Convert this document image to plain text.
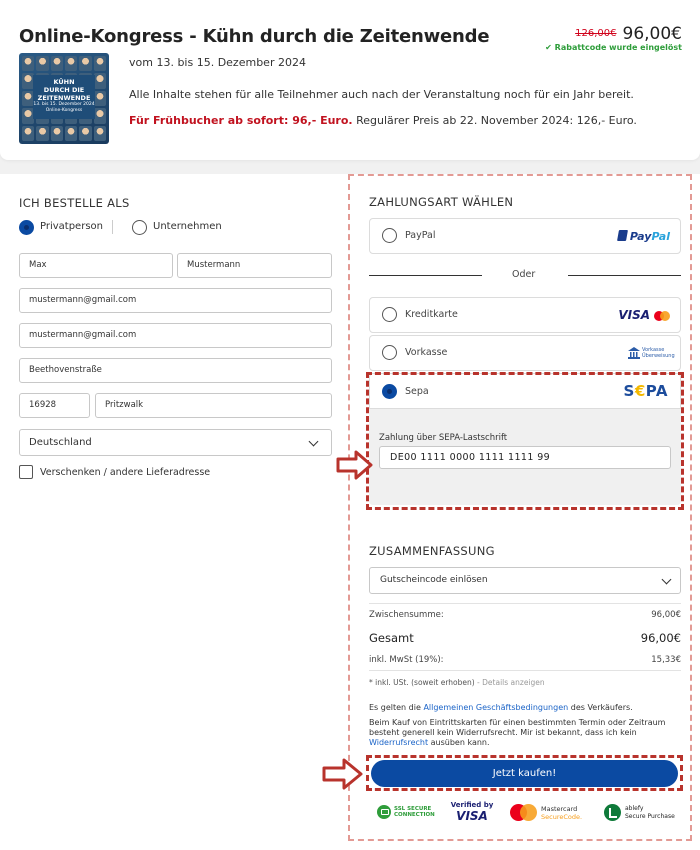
Online-Kongress - Kühn durch die Zeitenwende	126,00€ 96,00€
✔ Rabattcode wurde eingelöst
KÜHN
DURCH DIE
ZEITENWENDE
13. bis 15. Dezember 2024
Online-Kongress
vom 13. bis 15. Dezember 2024
Alle Inhalte stehen für alle Teilnehmer auch nach der Veranstaltung noch für ein Jahr bereit.
Für Frühbucher ab sofort: 96,- Euro. Regulärer Preis ab 22. November 2024: 126,- Euro.
ICH BESTELLE ALS
Privatperson	Unternehmen
Max	Mustermann
mustermann@gmail.com
mustermann@gmail.com
Beethovenstraße
16928	Pritzwalk
Deutschland
Verschenken / andere Lieferadresse
ZAHLUNGSART WÄHLEN
PayPal	PayPal
Oder
Kreditkarte	VISA
Vorkasse	Vorkasse
Überweisung
Sepa	S€PA
Zahlung über SEPA-Lastschrift
DE00 1111 0000 1111 1111 99
ZUSAMMENFASSUNG
Gutscheincode einlösen
Zwischensumme:	96,00€
Gesamt	96,00€
inkl. MwSt (19%):	15,33€
* inkl. USt. (soweit erhoben) - Details anzeigen
Es gelten die Allgemeinen Geschäftsbedingungen des Verkäufers.
Beim Kauf von Eintrittskarten für einen bestimmten Termin oder Zeitraum besteht generell kein Widerrufsrecht. Mir ist bekannt, dass ich kein Widerrufsrecht ausüben kann.
Jetzt kaufen!
SSL SECURE
CONNECTION
Verified by
VISA	Mastercard
SecureCode.
ablefy
Secure Purchase
